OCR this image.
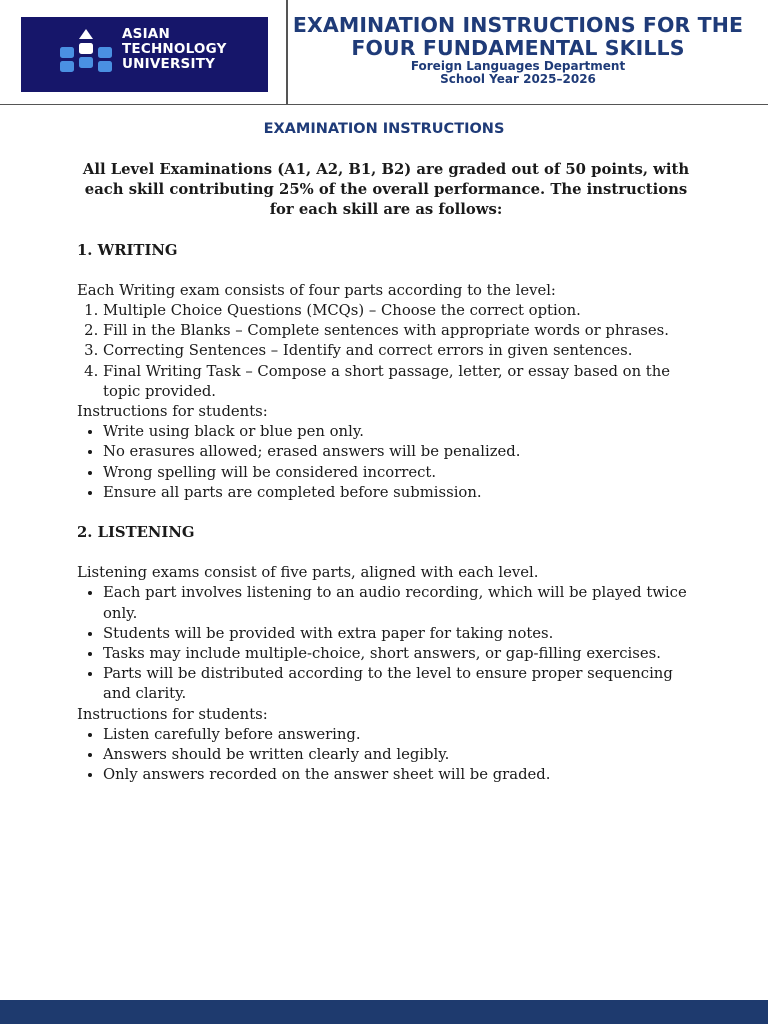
ASIAN
TECHNOLOGY
UNIVERSITY
EXAMINATION INSTRUCTIONS FOR THE
FOUR FUNDAMENTAL SKILLS
Foreign Languages Department
School Year 2025–2026
EXAMINATION INSTRUCTIONS
All Level Examinations (A1, A2, B1, B2) are graded out of 50 points, with each skill contributing 25% of the overall performance. The instructions for each skill are as follows:
1. WRITING
Each Writing exam consists of four parts according to the level:
1. Multiple Choice Questions (MCQs) – Choose the correct option.
2. Fill in the Blanks – Complete sentences with appropriate words or phrases.
3. Correcting Sentences – Identify and correct errors in given sentences.
4. Final Writing Task – Compose a short passage, letter, or essay based on the topic provided.
Instructions for students:
• Write using black or blue pen only.
• No erasures allowed; erased answers will be penalized.
• Wrong spelling will be considered incorrect.
• Ensure all parts are completed before submission.
2. LISTENING
Listening exams consist of five parts, aligned with each level.
• Each part involves listening to an audio recording, which will be played twice only.
• Students will be provided with extra paper for taking notes.
• Tasks may include multiple-choice, short answers, or gap-filling exercises.
• Parts will be distributed according to the level to ensure proper sequencing and clarity.
Instructions for students:
• Listen carefully before answering.
• Answers should be written clearly and legibly.
• Only answers recorded on the answer sheet will be graded.
